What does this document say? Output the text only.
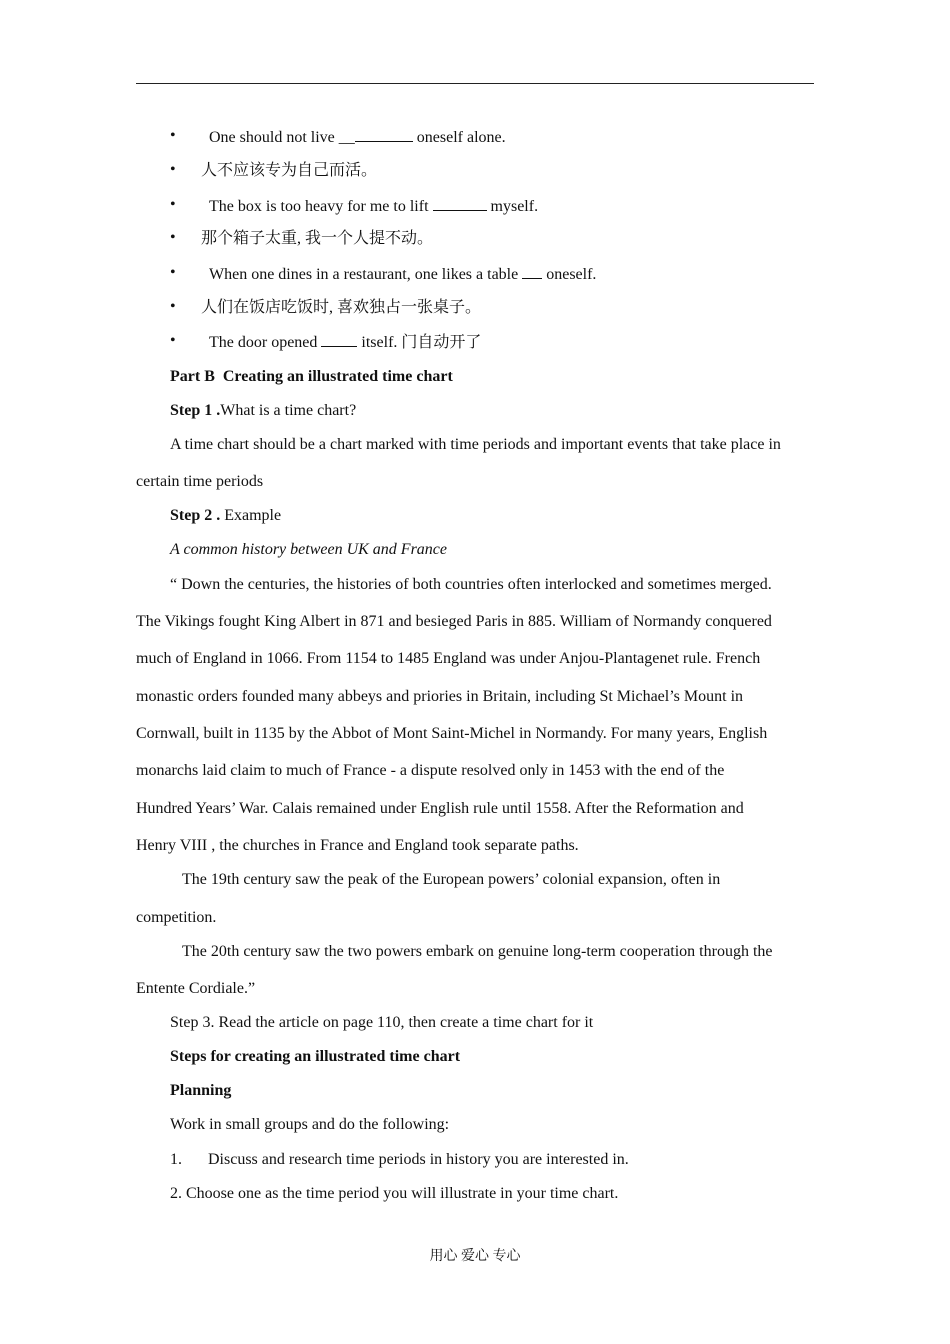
•	One should not live __	oneself alone.
•	人不应该专为自己而活。
•	The box is too heavy for me to lift	myself.
•	那个箱子太重, 我一个人提不动。
•	When one dines in a restaurant, one likes a table  oneself.
•	人们在饭店吃饭时, 喜欢独占一张桌子。
•	The door opened  itself. 门自动开了
Part B Creating an illustrated time chart
Step 1 .What is a time chart?
A time chart should be a chart marked with time periods and important events that take place in
certain time periods
Step 2 . Example
A common history between UK and France
“ Down the centuries, the histories of both countries often interlocked and sometimes merged.
The Vikings fought King Albert in 871 and besieged Paris in 885. William of Normandy conquered
much of England in 1066. From 1154 to 1485 England was under Anjou-Plantagenet rule. French
monastic orders founded many abbeys and priories in Britain, including St Michael’s Mount in
Cornwall, built in 1135 by the Abbot of Mont Saint-Michel in Normandy. For many years, English
monarchs laid claim to much of France - a dispute resolved only in 1453 with the end of the
Hundred Years’ War. Calais remained under English rule until 1558. After the Reformation and
Henry VIII , the churches in France and England took separate paths.
The 19th century saw the peak of the European powers’ colonial expansion, often in
competition.
The 20th century saw the two powers embark on genuine long-term cooperation through the
Entente Cordiale.”
Step 3. Read the article on page 110, then create a time chart for it
Steps for creating an illustrated time chart
Planning
Work in small groups and do the following:
1.	Discuss and research time periods in history you are interested in.
2. Choose one as the time period you will illustrate in your time chart.
用心 爱心 专心
